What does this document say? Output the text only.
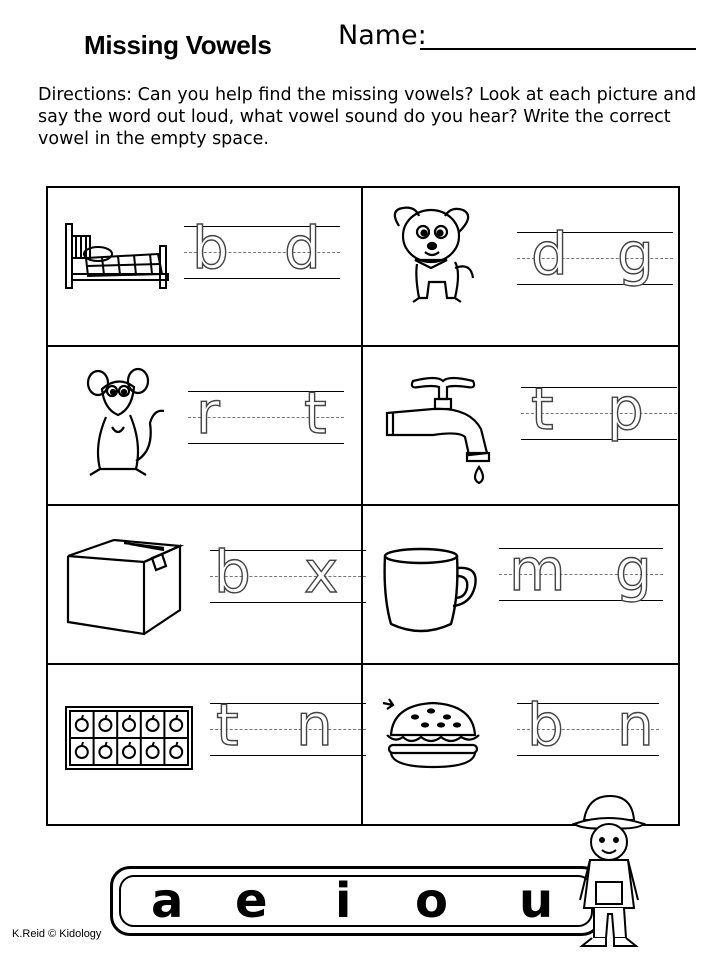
Missing Vowels Name:
Directions: Can you help find the missing vowels? Look at each picture and say the word out loud, what vowel sound do you hear? Write the correct vowel in the empty space.
b d	d g
r t	t p
b x	m g
t n	b n
a e i o u
K.Reid © Kidology
